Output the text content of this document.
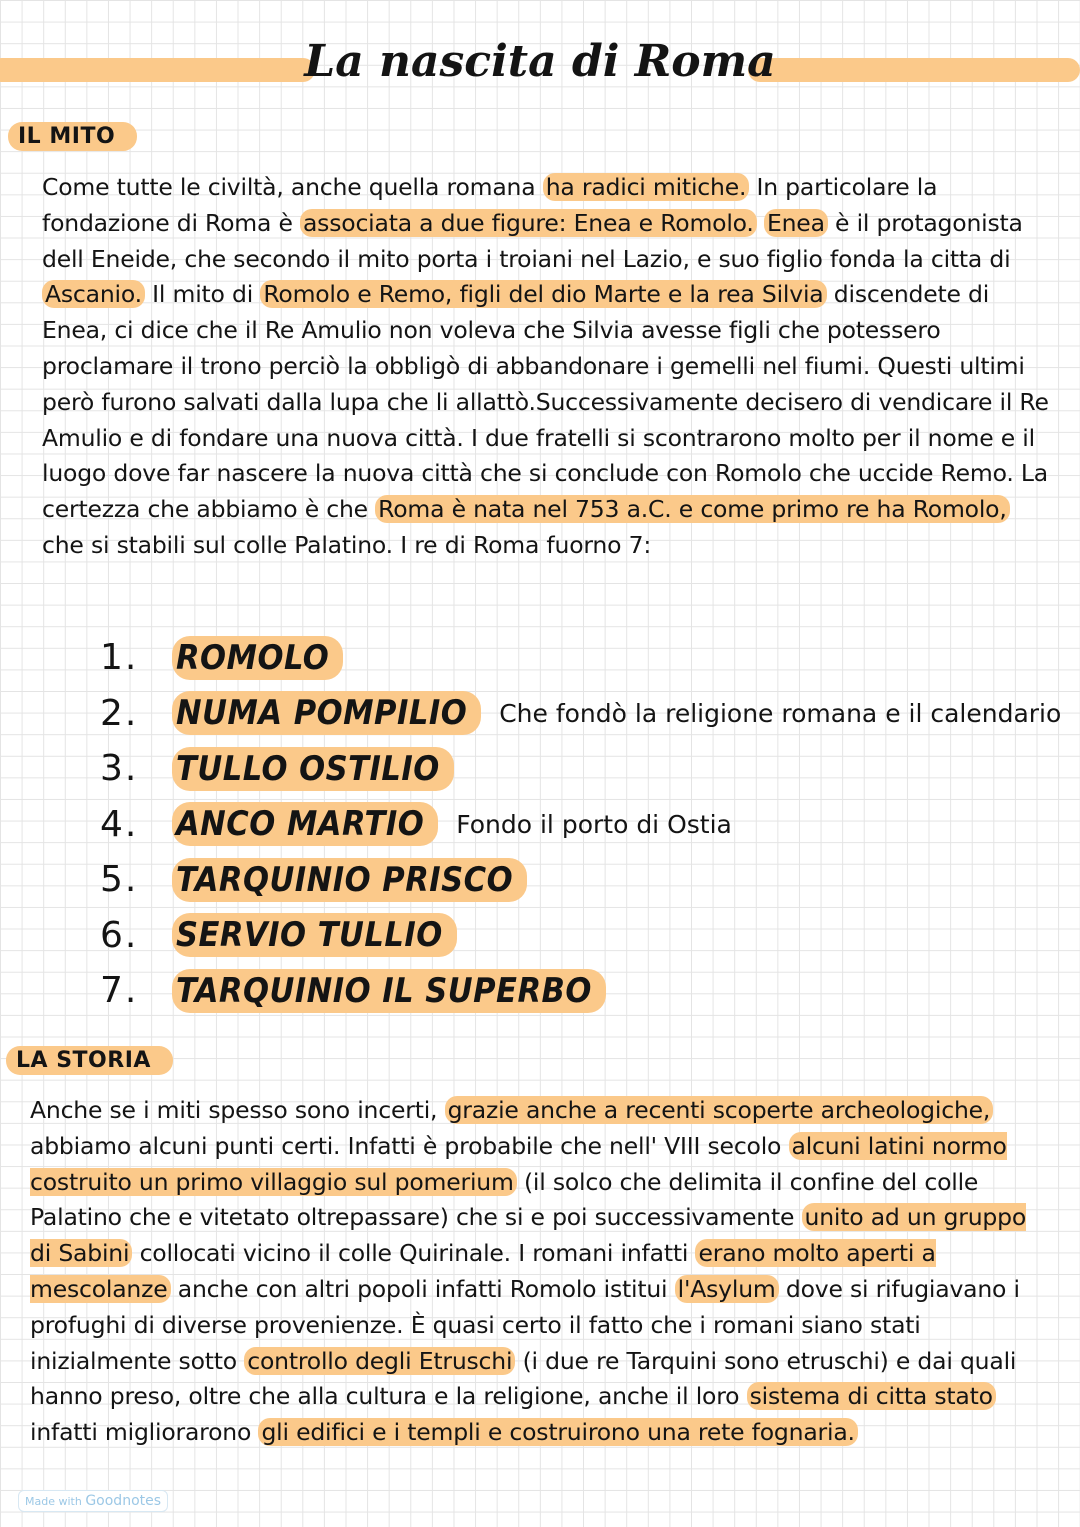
La nascita di Roma
IL MITO

Come tutte le civiltà, anche quella romana ha radici mitiche. In particolare la fondazione di Roma è associata a due figure: Enea e Romolo. Enea è il protagonista dell Eneide, che secondo il mito porta i troiani nel Lazio, e suo figlio fonda la citta di Ascanio. Il mito di Romolo e Remo, figli del dio Marte e la rea Silvia discendete di Enea, ci dice che il Re Amulio non voleva che Silvia avesse figli che potessero proclamare il trono perciò la obbligò di abbandonare i gemelli nel fiumi. Questi ultimi però furono salvati dalla lupa che li allattò.Successivamente decisero di vendicare il Re Amulio e di fondare una nuova città. I due fratelli si scontrarono molto per il nome e il luogo dove far nascere la nuova città che si conclude con Romolo che uccide Remo. La certezza che abbiamo è che Roma è nata nel 753 a.C. e come primo re ha Romolo, che si stabili sul colle Palatino. I re di Roma fuorno 7:

1.	ROMOLO
2.	NUMA POMPILIO	Che fondò la religione romana e il calendario
3.	TULLO OSTILIO
4.	ANCO MARTIO	Fondo il porto di Ostia
5.	TARQUINIO PRISCO
6.	SERVIO TULLIO
7.	TARQUINIO IL SUPERBO
LA STORIA

Anche se i miti spesso sono incerti, grazie anche a recenti scoperte archeologiche, abbiamo alcuni punti certi. Infatti è probabile che nell' VIII secolo alcuni latini normo costruito un primo villaggio sul pomerium (il solco che delimita il confine del colle Palatino che e vitetato oltrepassare) che si e poi successivamente unito ad un gruppo di Sabini collocati vicino il colle Quirinale. I romani infatti erano molto aperti a mescolanze anche con altri popoli infatti Romolo istitui l'Asylum dove si rifugiavano i profughi di diverse provenienze. È quasi certo il fatto che i romani siano stati inizialmente sotto controllo degli Etruschi (i due re Tarquini sono etruschi) e dai quali hanno preso, oltre che alla cultura e la religione, anche il loro sistema di citta stato infatti migliorarono gli edifici e i templi e costruirono una rete fognaria.

Made with Goodnotes
